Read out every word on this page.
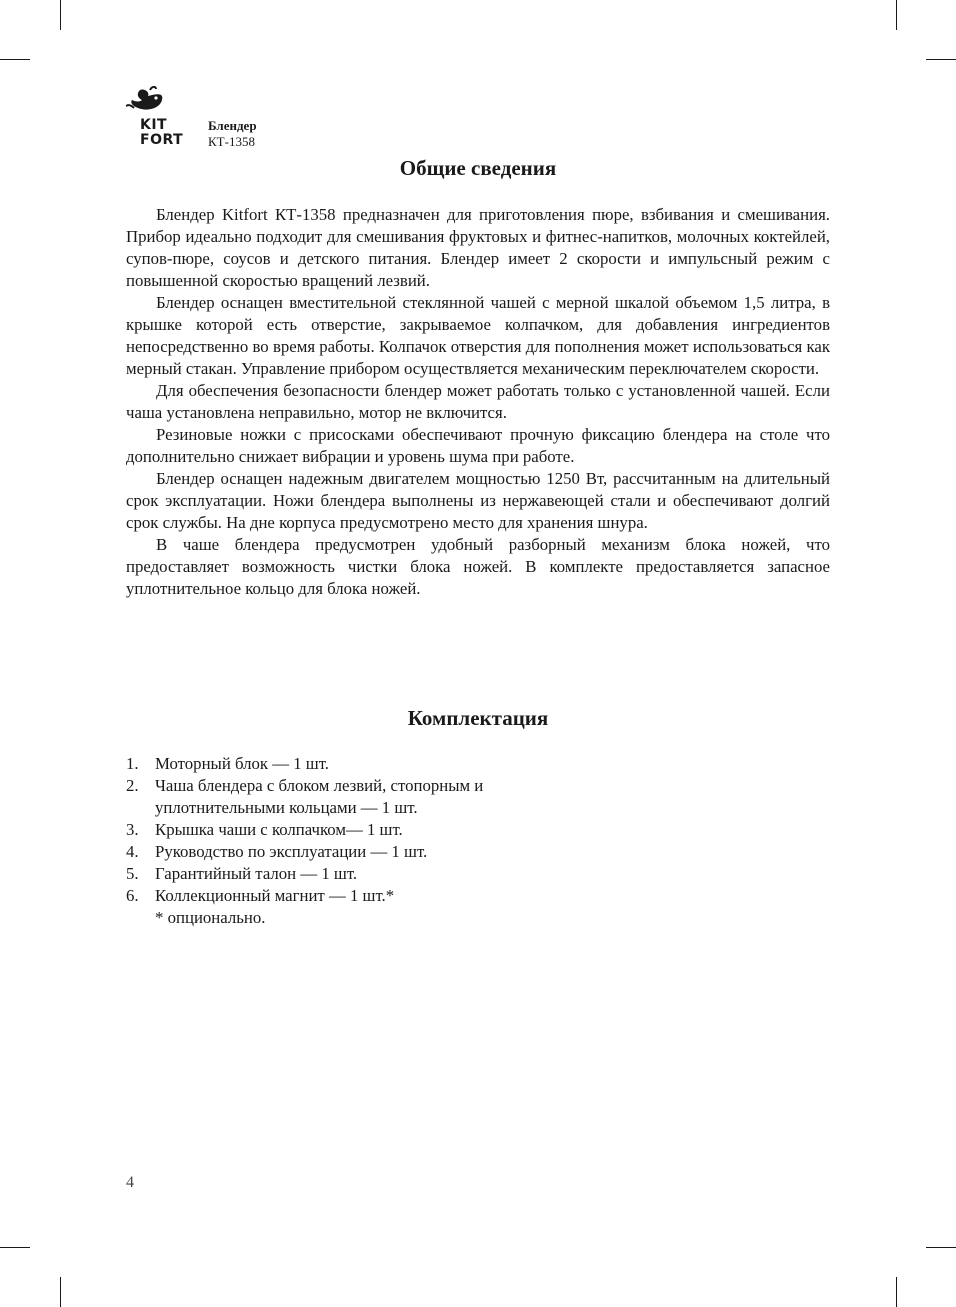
KIT
FORT
Блендер
КТ-1358
Общие сведения

Блендер Kitfort КТ-1358 предназначен для приготовления пюре, взбивания и смешивания. Прибор идеально подходит для смешивания фруктовых и фитнес-напитков, молочных коктейлей, супов-пюре, соусов и детского питания. Блендер имеет 2 скорости и импульсный режим с повышенной скоростью вращений лезвий.

Блендер оснащен вместительной стеклянной чашей с мерной шкалой объемом 1,5 литра, в крышке которой есть отверстие, закрываемое колпачком, для добавления ингредиентов непосредственно во время работы. Колпачок отверстия для пополнения может использоваться как мерный стакан. Управление прибором осуществляется механическим переключателем скорости.

Для обеспечения безопасности блендер может работать только с установленной чашей. Если чаша установлена неправильно, мотор не включится.

Резиновые ножки с присосками обеспечивают прочную фиксацию блендера на столе что дополнительно снижает вибрации и уровень шума при работе.

Блендер оснащен надежным двигателем мощностью 1250 Вт, рассчитанным на длительный срок эксплуатации. Ножи блендера выполнены из нержавеющей стали и обеспечивают долгий срок службы. На дне корпуса предусмотрено место для хранения шнура.

В чаше блендера предусмотрен удобный разборный механизм блока ножей, что предоставляет возможность чистки блока ножей. В комплекте предоставляется запасное уплотнительное кольцо для блока ножей.

Комплектация
1. Моторный блок — 1 шт.
2. Чаша блендера с блоком лезвий, стопорным и уплотнительными кольцами — 1 шт.
3. Крышка чаши с колпачком— 1 шт.
4. Руководство по эксплуатации — 1 шт.
5. Гарантийный талон — 1 шт.
6. Коллекционный магнит — 1 шт.*
* опционально.
4
